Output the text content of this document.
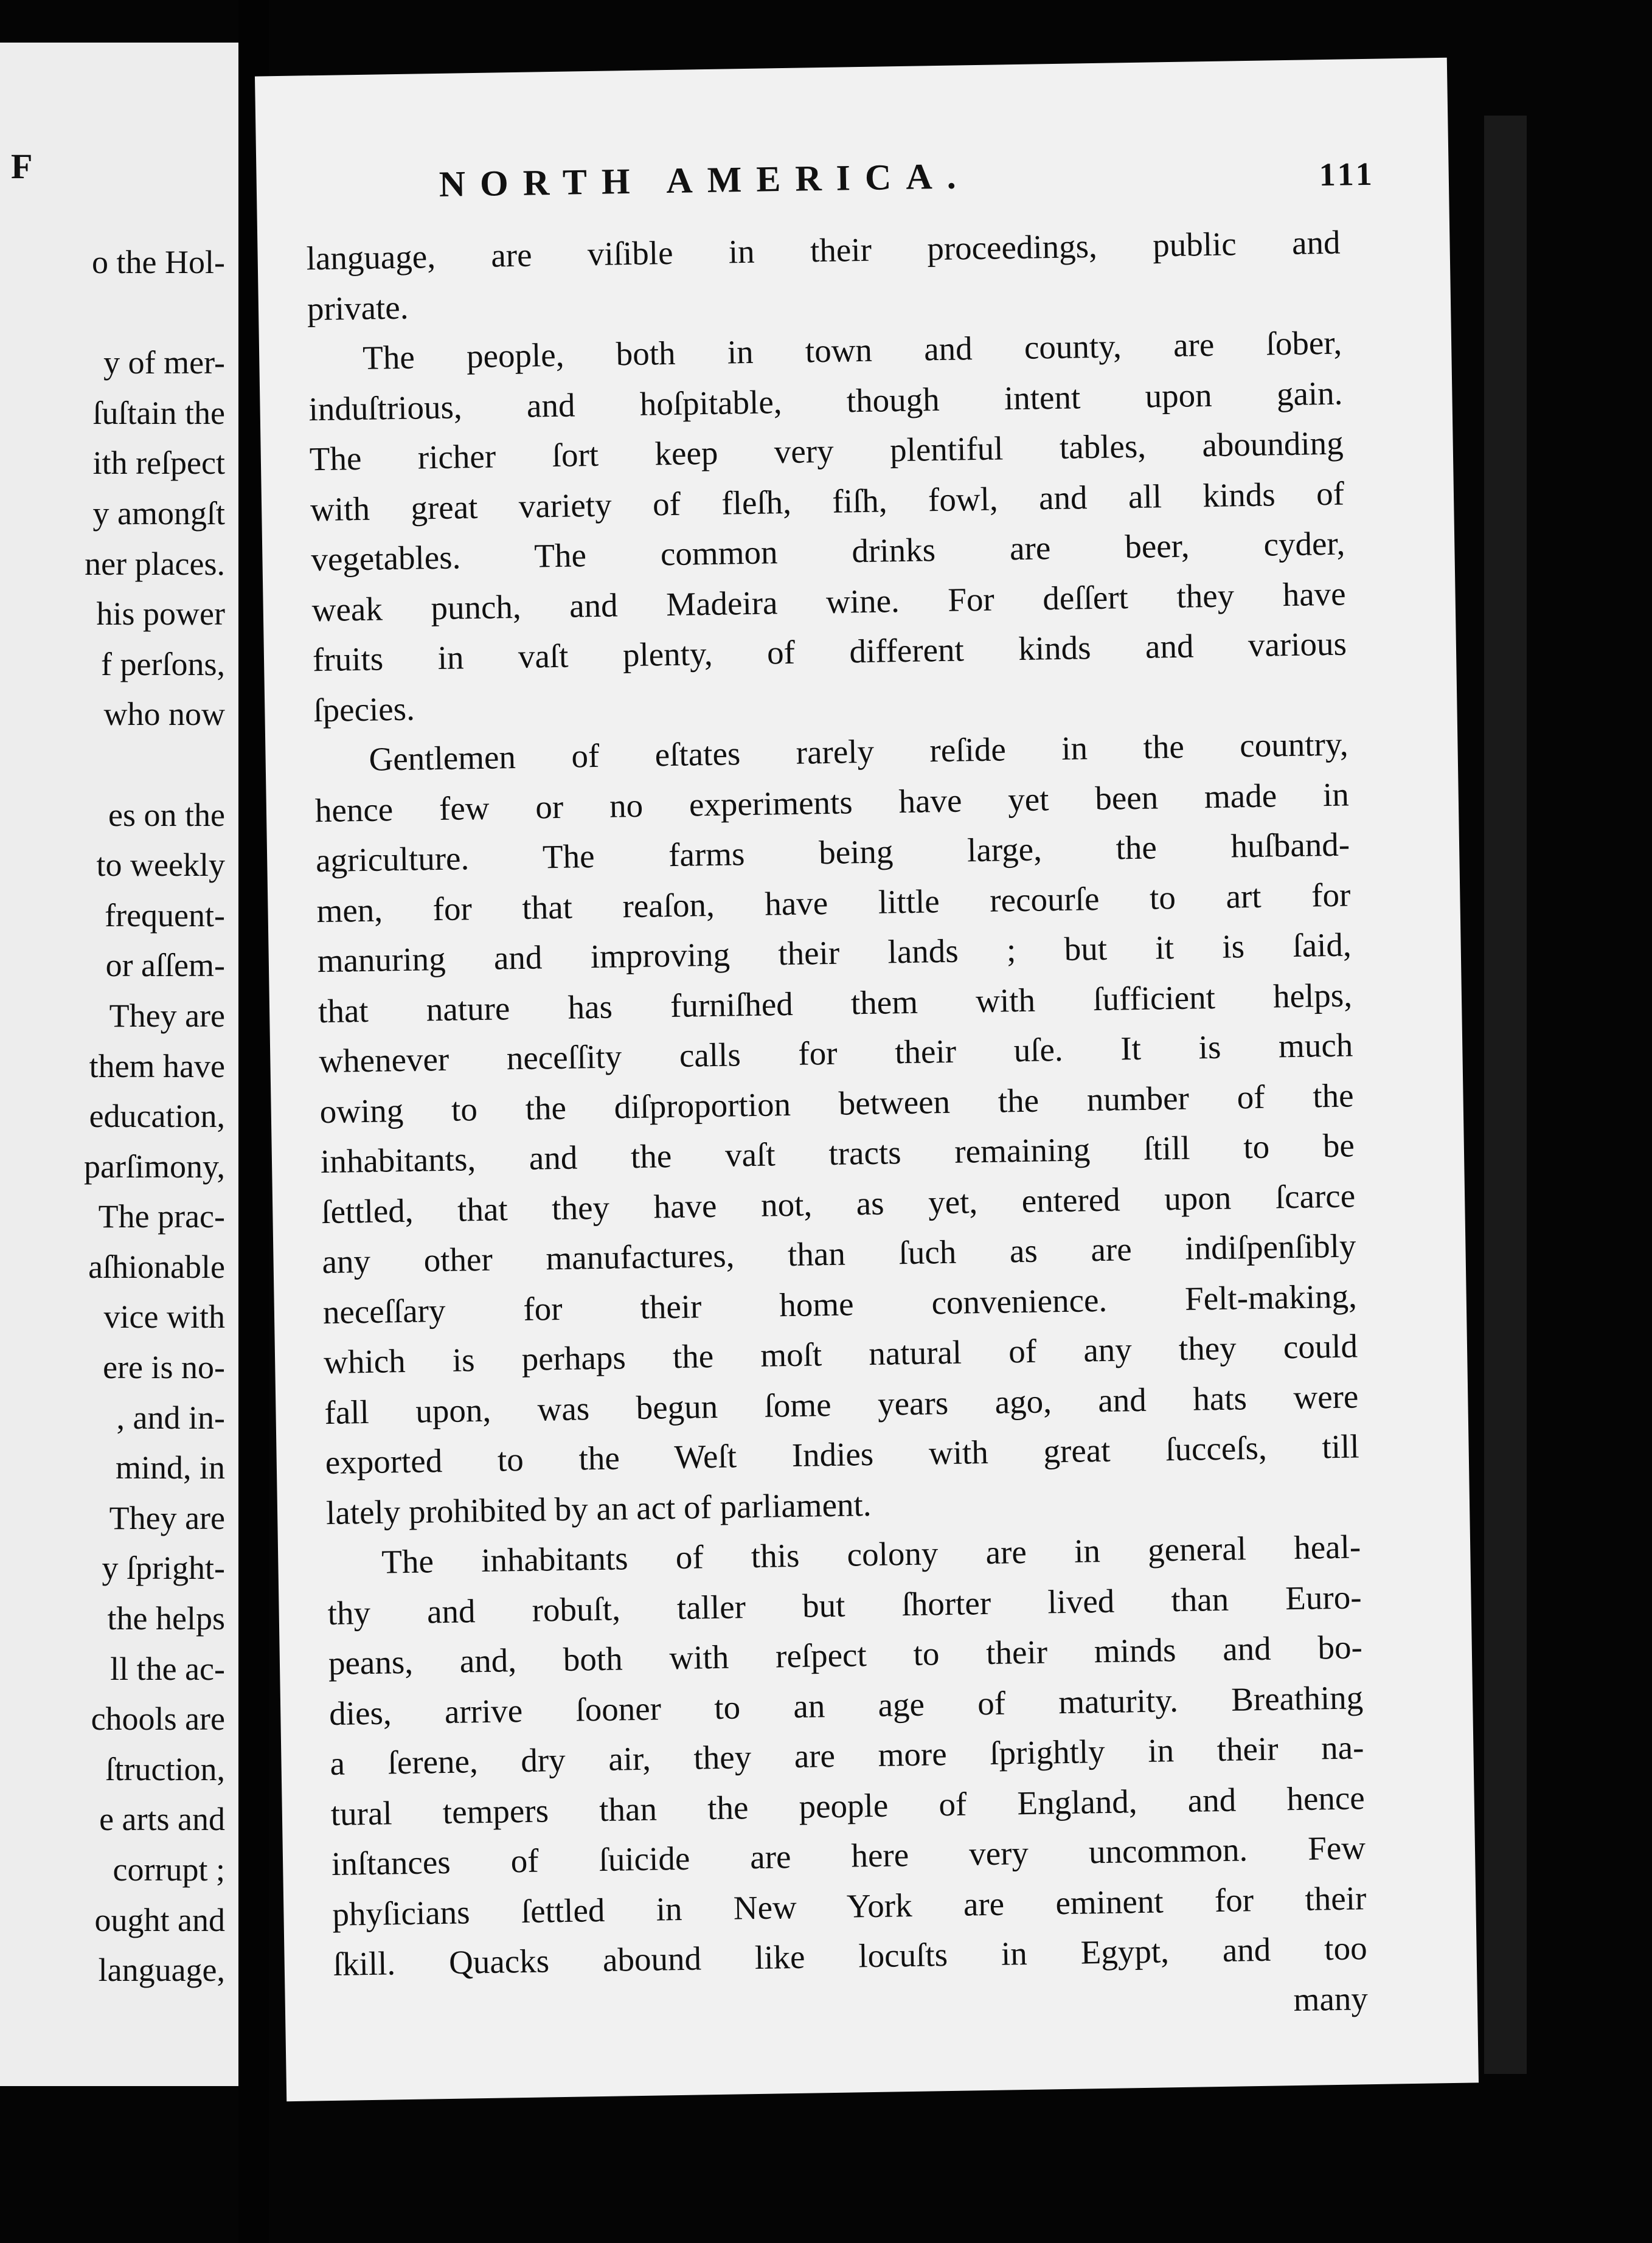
F
o the Hol-
y of mer-
ſuſtain the
ith reſpect
y amongſt
ner places.
his power
f perſons,
who now
es on the
to weekly
frequent-
or aſſem-
They are
them have
education,
parſimony,
The prac-
aſhionable
vice with
ere is no-
, and in-
mind, in
They are
y ſpright-
the helps
ll the ac-
chools are
ſtruction,
e arts and
corrupt ;
ought and
language,
NORTH AMERICA.	111
language, are viſible in their proceedings, public and
private.
The people, both in town and county, are ſober,
induſtrious, and hoſpitable, though intent upon gain.
The richer ſort keep very plentiful tables, abounding
with great variety of fleſh, fiſh, fowl, and all kinds of
vegetables. The common drinks are beer, cyder,
weak punch, and Madeira wine. For deſſert they have
fruits in vaſt plenty, of different kinds and various
ſpecies.
Gentlemen of eſtates rarely reſide in the country,
hence few or no experiments have yet been made in
agriculture. The farms being large, the huſband-
men, for that reaſon, have little recourſe to art for
manuring and improving their lands ; but it is ſaid,
that nature has furniſhed them with ſufficient helps,
whenever neceſſity calls for their uſe. It is much
owing to the diſproportion between the number of the
inhabitants, and the vaſt tracts remaining ſtill to be
ſettled, that they have not, as yet, entered upon ſcarce
any other manufactures, than ſuch as are indiſpenſibly
neceſſary for their home convenience. Felt-making,
which is perhaps the moſt natural of any they could
fall upon, was begun ſome years ago, and hats were
exported to the Weſt Indies with great ſucceſs, till
lately prohibited by an act of parliament.
The inhabitants of this colony are in general heal-
thy and robuſt, taller but ſhorter lived than Euro-
peans, and, both with reſpect to their minds and bo-
dies, arrive ſooner to an age of maturity. Breathing
a ſerene, dry air, they are more ſprightly in their na-
tural tempers than the people of England, and hence
inſtances of ſuicide are here very uncommon. Few
phyſicians ſettled in New York are eminent for their
ſkill. Quacks abound like locuſts in Egypt, and too
many
